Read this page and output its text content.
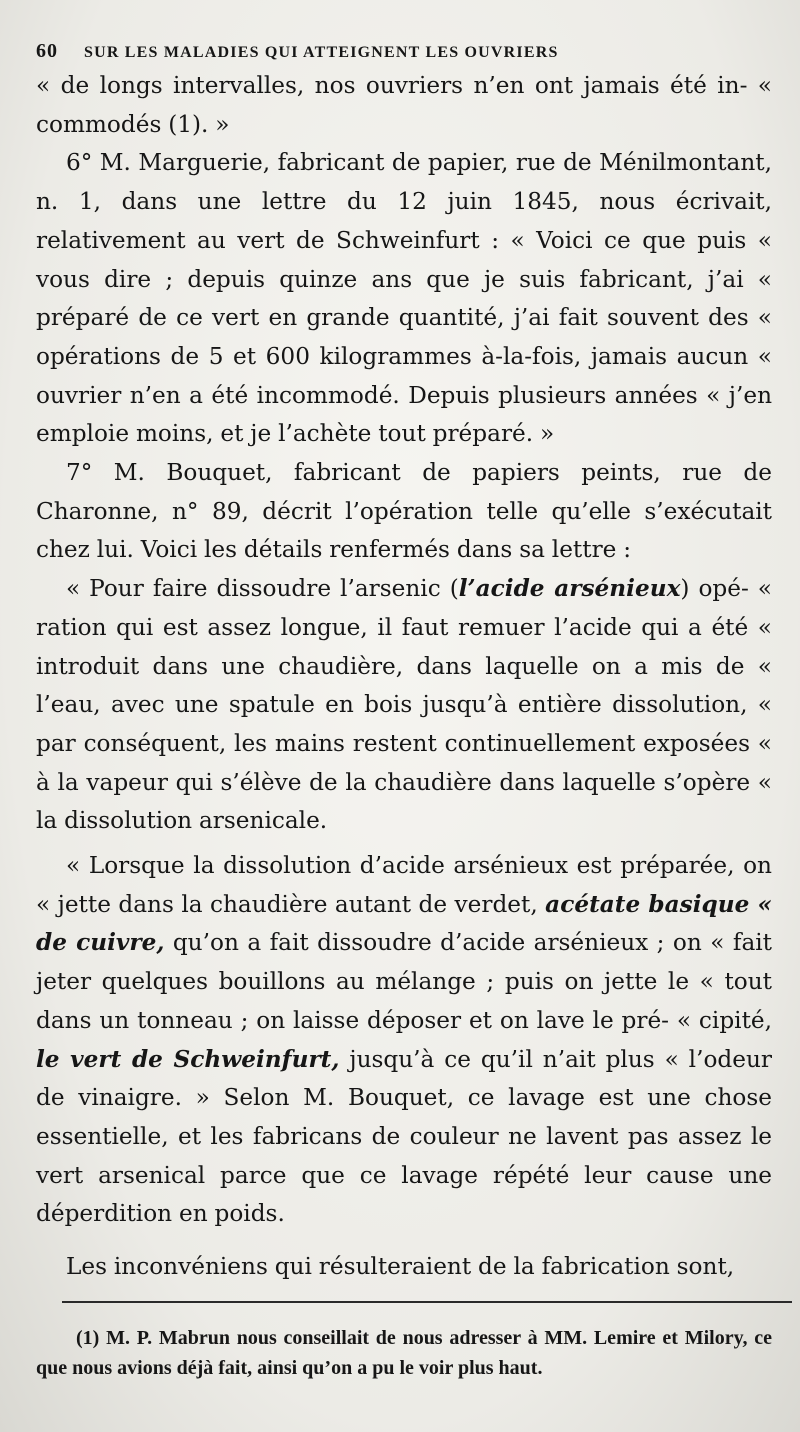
60 SUR LES MALADIES QUI ATTEIGNENT LES OUVRIERS

« de longs intervalles, nos ouvriers n’en ont jamais été in- « commodés (1). »

6° M. Marguerie, fabricant de papier, rue de Ménilmontant, n. 1, dans une lettre du 12 juin 1845, nous écrivait, relativement au vert de Schweinfurt : « Voici ce que puis « vous dire ; depuis quinze ans que je suis fabricant, j’ai « préparé de ce vert en grande quantité, j’ai fait souvent des « opérations de 5 et 600 kilogrammes à-la-fois, jamais aucun « ouvrier n’en a été incommodé. Depuis plusieurs années « j’en emploie moins, et je l’achète tout préparé. »

7° M. Bouquet, fabricant de papiers peints, rue de Charonne, n° 89, décrit l’opération telle qu’elle s’exécutait chez lui. Voici les détails renfermés dans sa lettre :

« Pour faire dissoudre l’arsenic (l’acide arsénieux) opé- « ration qui est assez longue, il faut remuer l’acide qui a été « introduit dans une chaudière, dans laquelle on a mis de « l’eau, avec une spatule en bois jusqu’à entière dissolution, « par conséquent, les mains restent continuellement exposées « à la vapeur qui s’élève de la chaudière dans laquelle s’opère « la dissolution arsenicale.

« Lorsque la dissolution d’acide arsénieux est préparée, on « jette dans la chaudière autant de verdet, acétate basique « de cuivre, qu’on a fait dissoudre d’acide arsénieux ; on « fait jeter quelques bouillons au mélange ; puis on jette le « tout dans un tonneau ; on laisse déposer et on lave le pré- « cipité, le vert de Schweinfurt, jusqu’à ce qu’il n’ait plus « l’odeur de vinaigre. » Selon M. Bouquet, ce lavage est une chose essentielle, et les fabricans de couleur ne lavent pas assez le vert arsenical parce que ce lavage répété leur cause une déperdition en poids.

Les inconvéniens qui résulteraient de la fabrication sont,

(1) M. P. Mabrun nous conseillait de nous adresser à MM. Lemire et Milory, ce que nous avions déjà fait, ainsi qu’on a pu le voir plus haut.
